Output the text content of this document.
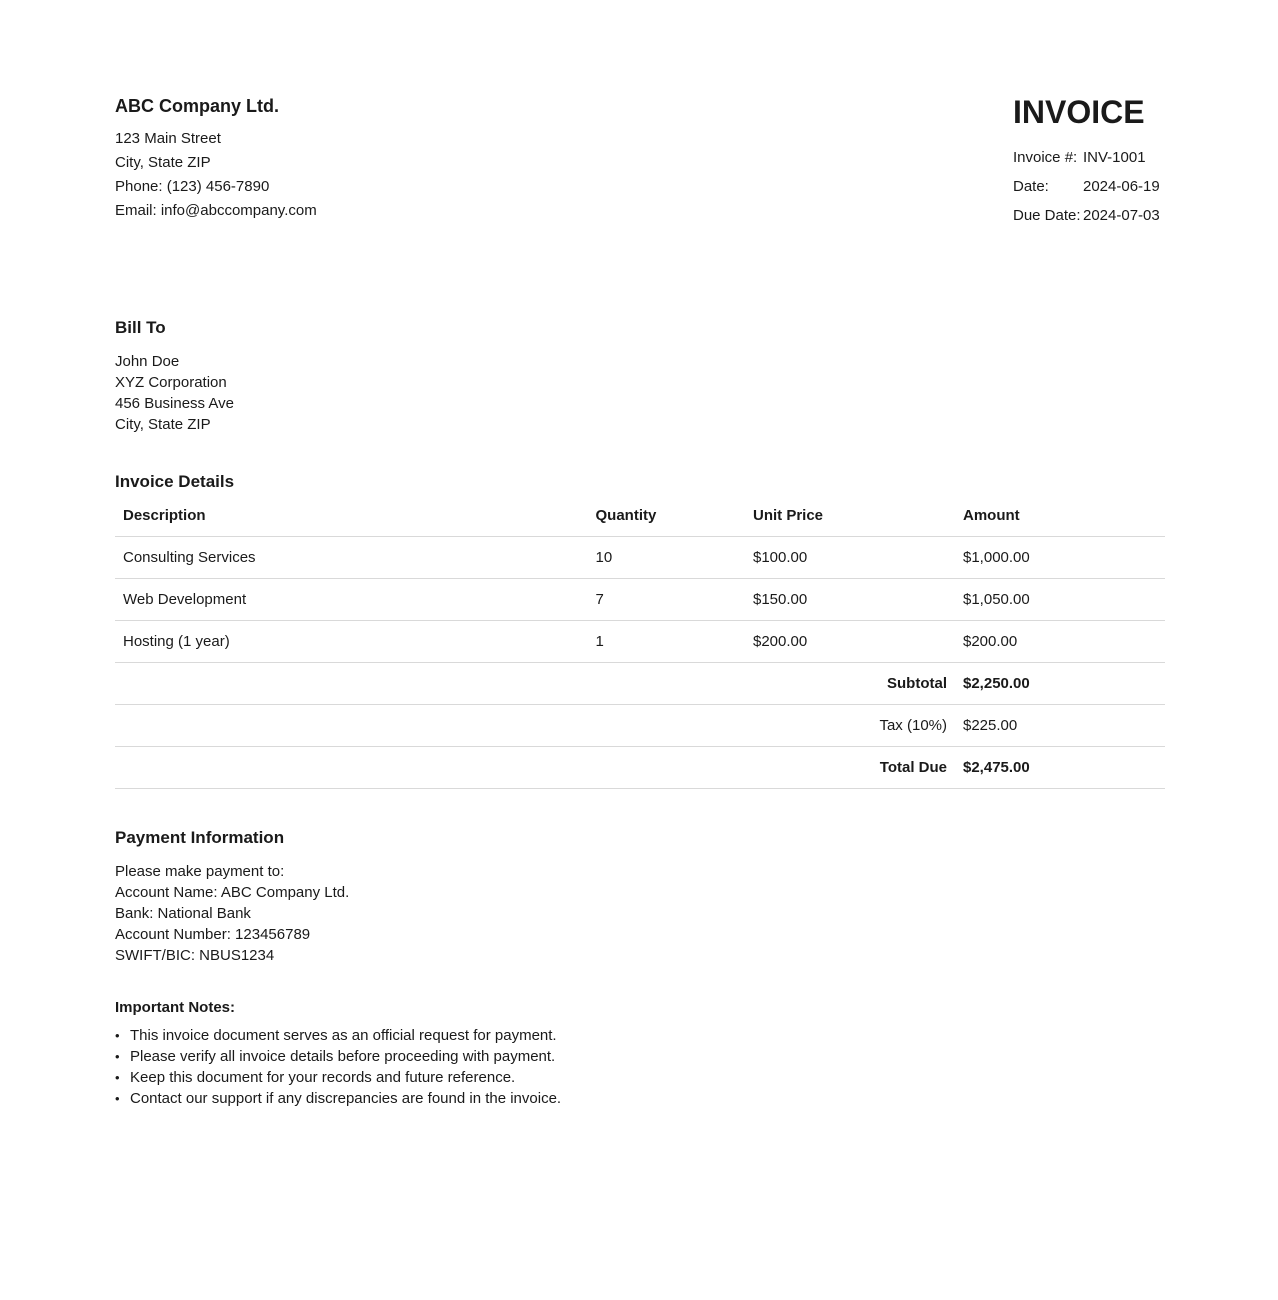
ABC Company Ltd.
123 Main Street
City, State ZIP
Phone: (123) 456-7890
Email: info@abccompany.com
INVOICE
Invoice #: INV-1001
Date:	2024-06-19
Due Date: 2024-07-03
Bill To
John Doe
XYZ Corporation
456 Business Ave
City, State ZIP
Invoice Details
Description	Quantity	Unit Price	Amount
Consulting Services	10	$100.00	$1,000.00
Web Development	7	$150.00	$1,050.00
Hosting (1 year)	1	$200.00	$200.00
Subtotal			$2,250.00
Tax (10%)			$225.00
Total Due			$2,475.00
Payment Information
Please make payment to:
Account Name: ABC Company Ltd.
Bank: National Bank
Account Number: 123456789
SWIFT/BIC: NBUS1234
Important Notes:
• This invoice document serves as an official request for payment.
• Please verify all invoice details before proceeding with payment.
• Keep this document for your records and future reference.
• Contact our support if any discrepancies are found in the invoice.
